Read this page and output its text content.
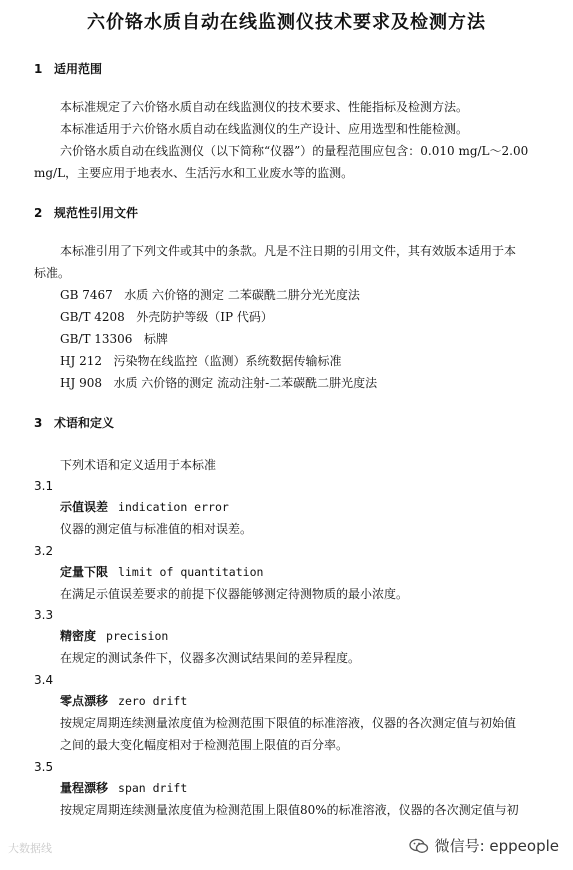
六价铬水质自动在线监测仪技术要求及检测方法
1 适用范围
本标准规定了六价铬水质自动在线监测仪的技术要求、性能指标及检测方法。
本标准适用于六价铬水质自动在线监测仪的生产设计、应用选型和性能检测。
六价铬水质自动在线监测仪（以下简称“仪器”）的量程范围应包含：0.010 mg/L～2.00
mg/L，主要应用于地表水、生活污水和工业废水等的监测。
2 规范性引用文件
本标准引用了下列文件或其中的条款。凡是不注日期的引用文件，其有效版本适用于本
标准。
GB 7467 水质 六价铬的测定 二苯碳酰二肼分光光度法
GB/T 4208 外壳防护等级（IP 代码）
GB/T 13306 标牌
HJ 212 污染物在线监控（监测）系统数据传输标准
HJ 908 水质 六价铬的测定 流动注射-二苯碳酰二肼光度法
3 术语和定义
下列术语和定义适用于本标准
3.1
示值误差 indication error
仪器的测定值与标准值的相对误差。
3.2
定量下限 limit of quantitation
在满足示值误差要求的前提下仪器能够测定待测物质的最小浓度。
3.3
精密度 precision
在规定的测试条件下，仪器多次测试结果间的差异程度。
3.4
零点漂移 zero drift
按规定周期连续测量浓度值为检测范围下限值的标准溶液，仪器的各次测定值与初始值
之间的最大变化幅度相对于检测范围上限值的百分率。
3.5
量程漂移 span drift
按规定周期连续测量浓度值为检测范围上限值80%的标准溶液，仪器的各次测定值与初
大数据线	微信号: eppeople
